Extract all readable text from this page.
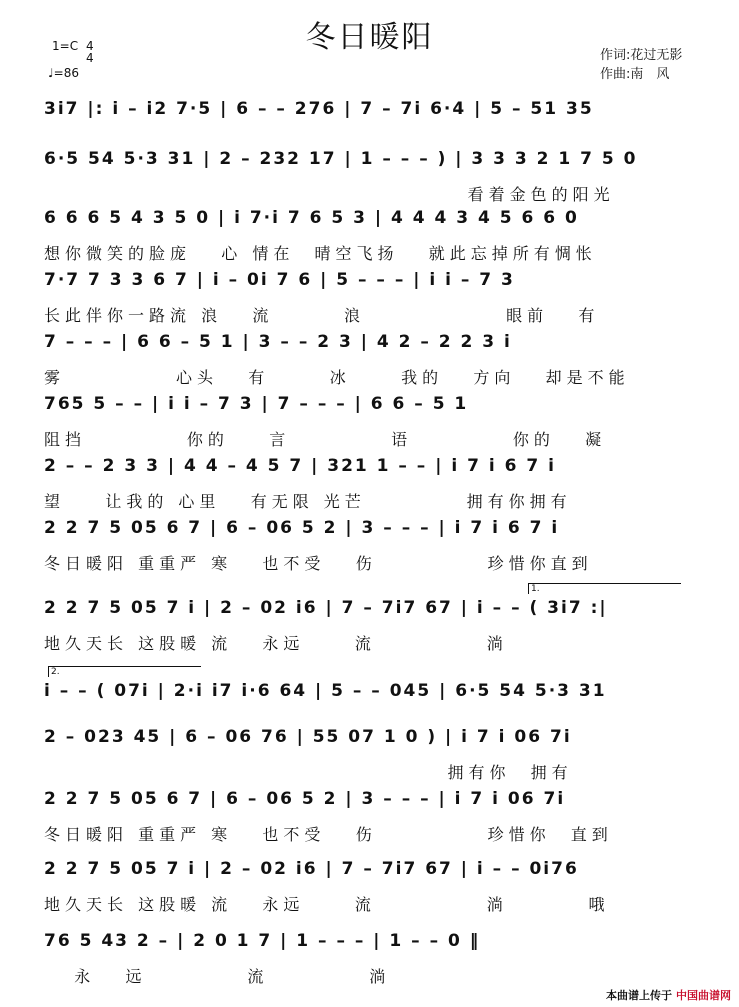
冬日暖阳
1=C 4
4
♩=86
作词:花过无影
作曲:南　风
3i7 |: i – i2 7·5 | 6 – – 276 | 7 – 7i 6·4 | 5 – 51 35
6·5 54 5·3 31 | 2 – 232 17 | 1 – – – ) | 3 3 3 2 1 7 5 0
看着金色的阳光
6 6 6 5 4 3 5 0 | i 7·i 7 6 5 3 | 4 4 4 3 4 5 6 6 0
想你微笑的脸庞   心 情在  晴空飞扬   就此忘掉所有惆怅
7·7 7 3 3 6 7 | i – 0i 7 6 | 5 – – – | i i – 7 3
长此伴你一路流 浪   流       浪              眼前   有
7 – – – | 6 6 – 5 1 | 3 – – 2 3 | 4 2 – 2 2 3 i
雾           心头   有      冰     我的   方向   却是不能
765 5 – – | i i – 7 3 | 7 – – – | 6 6 – 5 1
阻挡          你的    言          语          你的   凝
2 – – 2 3 3 | 4 4 – 4 5 7 | 321 1 – – | i 7 i 6 7 i
望    让我的 心里   有无限 光芒          拥有你拥有
2 2 7 5 05 6 7 | 6 – 06 5 2 | 3 – – – | i 7 i 6 7 i
冬日暖阳 重重严 寒   也不受   伤           珍惜你直到
1.
2 2 7 5 05 7 i | 2 – 02 i6 | 7 – 7i7 67 | i – – ( 3i7 :|
地久天长 这股暖 流   永远     流           淌
2.
i – – ( 07i | 2·i i7 i·6 64 | 5 – – 045 | 6·5 54 5·3 31
2 – 023 45 | 6 – 06 76 | 55 07 1 0 ) | i 7 i 06 7i
拥有你  拥有
2 2 7 5 05 6 7 | 6 – 06 5 2 | 3 – – – | i 7 i 06 7i
冬日暖阳 重重严 寒   也不受   伤           珍惜你  直到
2 2 7 5 05 7 i | 2 – 02 i6 | 7 – 7i7 67 | i – – 0i76
地久天长 这股暖 流   永远     流           淌        哦
76 5 43 2 – | 2 0 1 7 | 1 – – – | 1 – – 0 ‖
永   远          流          淌
本曲谱上传于 中国曲谱网
